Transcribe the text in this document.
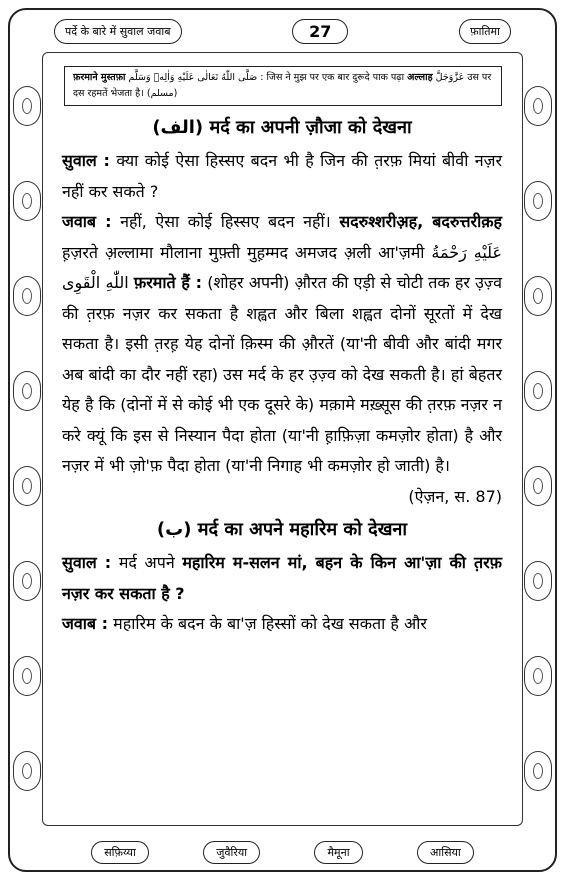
पर्दे के बारे में सुवाल जवाब	27	फ़ातिमा
फ़रमाने मुस्तफ़ा صَلَّى اللّٰهُ تَعَالٰى عَلَيْهِ وَاٰلِهٖ وَسَلَّم : जिस ने मुझ पर एक बार दुरूदे पाक पढ़ा अल्लाह عَزَّوَجَلَّ उस पर दस रहमतें भेजता है। (مسلم)
(الف) मर्द का अपनी ज़ौजा को देखना
सुवाल : क्या कोई ऐसा हिस्सए बदन भी है जिन की त़रफ़ मियां बीवी नज़र नहीं कर सकते ?
जवाब : नहीं, ऐसा कोई हिस्सए बदन नहीं। सदरुश्शरीअ़ह, बदरुत्तरीक़ह ह़ज़रते अ़ल्लामा मौलाना मुफ़्ती मुह़म्मद अमजद अ़ली आ'ज़मी عَلَیْهِ رَحْمَةُ اللّٰهِ الْقَوِی फ़रमाते हैं : (शोहर अपनी) औ़रत की एड़ी से चोटी तक हर उ़ज़्व की त़रफ़ नज़र कर सकता है शह्वत और बिला शह्वत दोनों सूरतों में देख सकता है। इसी त़रह़ येह दोनों क़िस्म की औ़रतें (या'नी बीवी और बांदी मगर अब बांदी का दौर नहीं रहा) उस मर्द के हर उ़ज़्व को देख सकती है। हां बेहतर येह है कि (दोनों में से कोई भी एक दूसरे के) मक़ामे मख़्सूस की त़रफ़ नज़र न करे क्यूं कि इस से निस्यान पैदा होता (या'नी ह़ाफ़िज़ा कमज़ोर होता) है और नज़र में भी ज़ो'फ़ पैदा होता (या'नी निगाह भी कमज़ोर हो जाती) है।
(ऐज़न, स. 87)
(ب) मर्द का अपने महारिम को देखना
सुवाल : मर्द अपने महारिम म-सलन मां, बहन के किन आ'ज़ा की त़रफ़ नज़र कर सकता है ?
जवाब : महारिम के बदन के बा'ज़ हिस्सों को देख सकता है और
सफ़िय्या	जुवैरिया	मैमूना	आसिया
